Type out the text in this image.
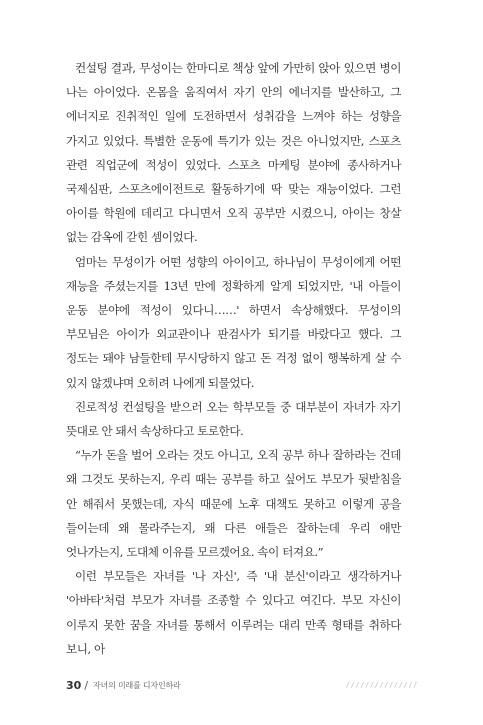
컨설팅 결과, 무성이는 한마디로 책상 앞에 가만히 앉아 있으면 병이 나는 아이었다. 온몸을 움직여서 자기 안의 에너지를 발산하고, 그 에너지로 진취적인 일에 도전하면서 성취감을 느껴야 하는 성향을 가지고 있었다. 특별한 운동에 특기가 있는 것은 아니었지만, 스포츠 관련 직업군에 적성이 있었다. 스포츠 마케팅 분야에 종사하거나 국제심판, 스포츠에이전트로 활동하기에 딱 맞는 재능이었다. 그런 아이를 학원에 데리고 다니면서 오직 공부만 시켰으니, 아이는 창살 없는 감옥에 갇힌 셈이었다.

엄마는 무성이가 어떤 성향의 아이이고, 하나님이 무성이에게 어떤 재능을 주셨는지를 13년 만에 정확하게 알게 되었지만, '내 아들이 운동 분야에 적성이 있다니……' 하면서 속상해했다. 무성이의 부모님은 아이가 외교관이나 판검사가 되기를 바랐다고 했다. 그 정도는 돼야 남들한테 무시당하지 않고 돈 걱정 없이 행복하게 살 수 있지 않겠냐며 오히려 나에게 되물었다.

진로적성 컨설팅을 받으러 오는 학부모들 중 대부분이 자녀가 자기 뜻대로 안 돼서 속상하다고 토로한다.

“누가 돈을 벌어 오라는 것도 아니고, 오직 공부 하나 잘하라는 건데 왜 그것도 못하는지, 우리 때는 공부를 하고 싶어도 부모가 뒷받침을 안 해줘서 못했는데, 자식 때문에 노후 대책도 못하고 이렇게 공을 들이는데 왜 몰라주는지, 왜 다른 애들은 잘하는데 우리 애만 엇나가는지, 도대체 이유를 모르겠어요. 속이 터져요.”

이런 부모들은 자녀를 '나 자신', 즉 '내 분신'이라고 생각하거나 '아바타'처럼 부모가 자녀를 조종할 수 있다고 여긴다. 부모 자신이 이루지 못한 꿈을 자녀를 통해서 이루려는 대리 만족 형태를 취하다 보니, 아

30 / 자녀의 미래를 디자인하라	///////////////
